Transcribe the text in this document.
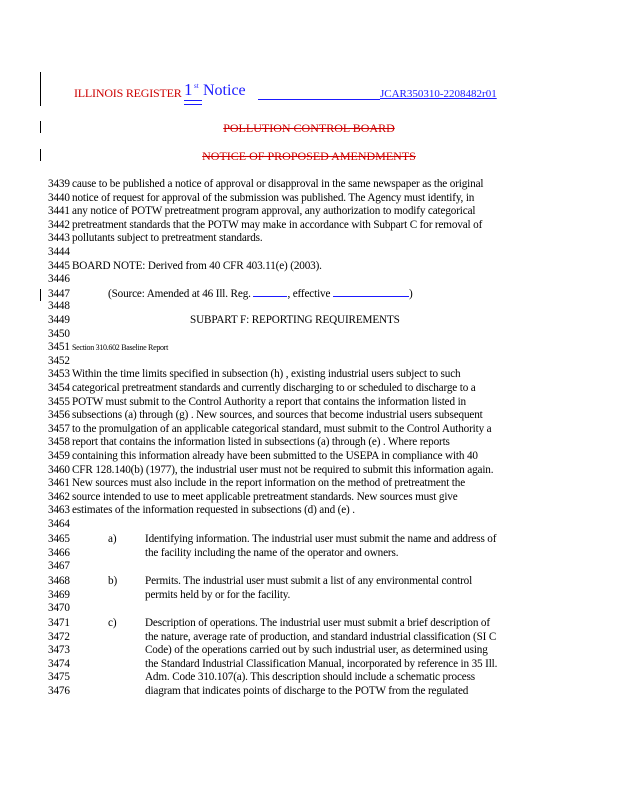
ILLINOIS REGISTER 1 st Notice	JCAR350310-2208482r01
POLLUTION CONTROL BOARD
NOTICE OF PROPOSED AMENDMENTS
3439 cause to be published a notice of approval or disapproval in the same newspaper as the original
3440 notice of request for approval of the submission was published. The Agency must identify, in
3441 any notice of POTW pretreatment program approval, any authorization to modify categorical
3442 pretreatment standards that the POTW may make in accordance with Subpart C for removal of
3443 pollutants subject to pretreatment standards.
3444
3445 BOARD NOTE: Derived from 40 CFR 403.11(e) (2003).
3446
3447	(Source: Amended at 46 Ill. Reg.	, effective	)
3448
3449	SUBPART F: REPORTING REQUIREMENTS
3450
3451 Section 310.602 Baseline Report
3452
3453 Within the time limits specified in subsection (h) , existing industrial users subject to such
3454 categorical pretreatment standards and currently discharging to or scheduled to discharge to a
3455 POTW must submit to the Control Authority a report that contains the information listed in
3456 subsections (a) through (g) . New sources, and sources that become industrial users subsequent
3457 to the promulgation of an applicable categorical standard, must submit to the Control Authority a
3458 report that contains the information listed in subsections (a) through (e) . Where reports
3459 containing this information already have been submitted to the USEPA in compliance with 40
3460 CFR 128.140(b) (1977), the industrial user must not be required to submit this information again.
3461 New sources must also include in the report information on the method of pretreatment the
3462 source intended to use to meet applicable pretreatment standards. New sources must give
3463 estimates of the information requested in subsections (d) and (e) .
3464
3465	a)	Identifying information. The industrial user must submit the name and address of
3466	the facility including the name of the operator and owners.
3467
3468	b) Permits. The industrial user must submit a list of any environmental control
3469	permits held by or for the facility.
3470
3471	c)	Description of operations. The industrial user must submit a brief description of
3472	the nature, average rate of production, and standard industrial classification (SI C
3473	Code) of the operations carried out by such industrial user, as determined using
3474	the Standard Industrial Classification Manual, incorporated by reference in 35 Ill.
3475	Adm. Code 310.107(a). This description should include a schematic process
3476	diagram that indicates points of discharge to the POTW from the regulated
